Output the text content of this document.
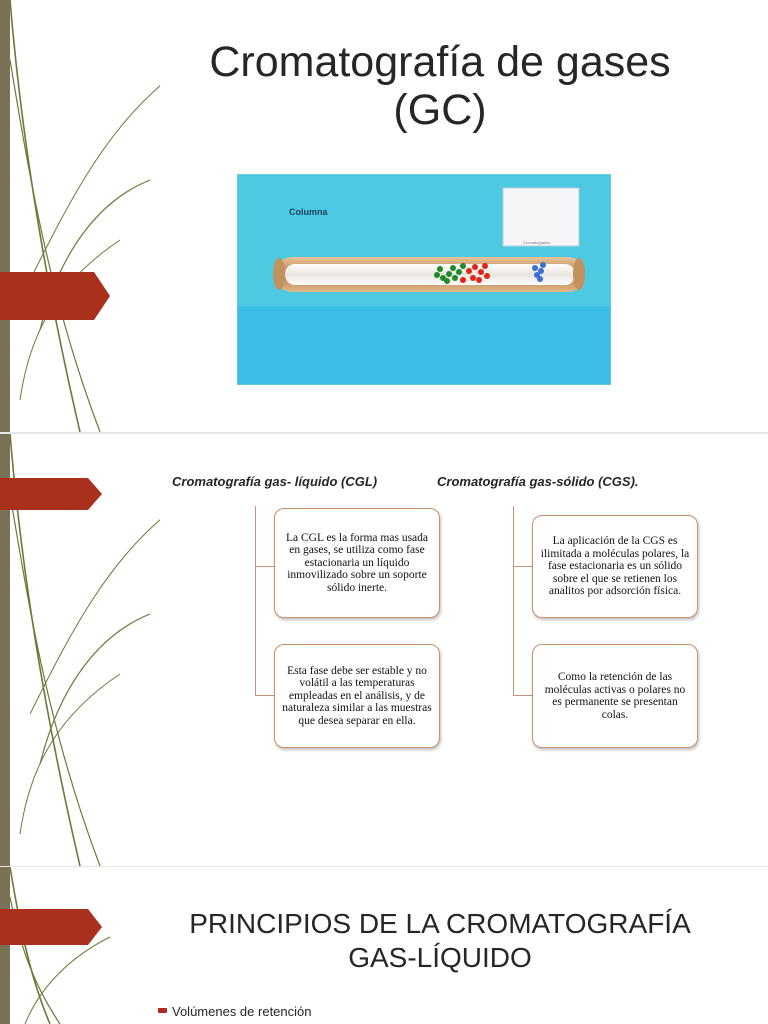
Cromatografía de gases
(GC)
Columna
Cromatograma
Cromatografía gas- líquido (CGL)	Cromatografía gas-sólido (CGS).
La CGL es la forma mas usada en gases, se utiliza como fase estacionaria un líquido inmovilizado sobre un soporte sólido inerte.
Esta fase debe ser estable y no volátil a las temperaturas empleadas en el análisis, y de naturaleza similar a las muestras que desea separar en ella.
La aplicación de la CGS es ilimitada a moléculas polares, la fase estacionaria es un sólido sobre el que se retienen los analitos por adsorción física.
Como la retención de las moléculas activas o polares no es permanente se presentan colas.
PRINCIPIOS DE LA CROMATOGRAFÍA
GAS-LÍQUIDO
Volúmenes de retención
